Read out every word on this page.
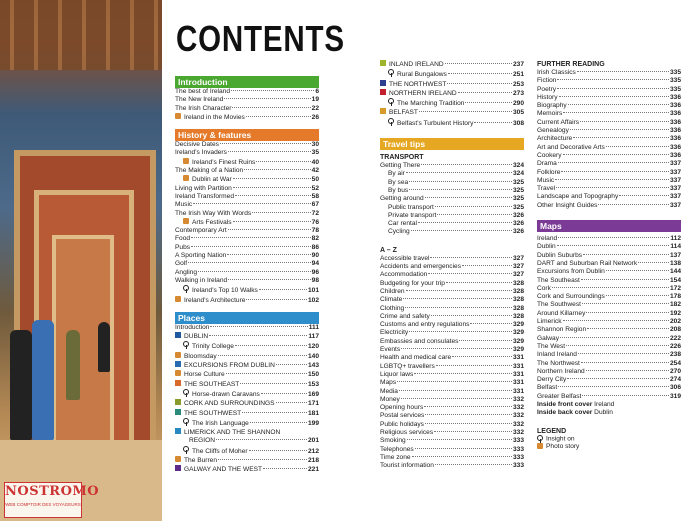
NOSTROMO
WEB COMPTOIR DES VOYAGEURS
CONTENTS
Introduction
The best of Ireland	6
The New Ireland	19
The Irish Character	22
Ireland in the Movies	26
History & features
Decisive Dates	30
Ireland’s Invaders	35
Ireland’s Finest Ruins	40
The Making of a Nation	42
Dublin at War	50
Living with Partition	52
Ireland Transformed	58
Music	67
The Irish Way With Words	72
Arts Festivals	76
Contemporary Art	78
Food	82
Pubs	86
A Sporting Nation	90
Golf	94
Angling	96
Walking in Ireland	98
Ireland’s Top 10 Walks	101
Ireland’s Architecture	102
Places
Introduction	111
DUBLIN	117
Trinity College	120
Bloomsday	140
EXCURSIONS FROM DUBLIN	143
Horse Culture	150
THE SOUTHEAST	153
Horse-drawn Caravans	169
CORK AND SURROUNDINGS	171
THE SOUTHWEST	181
The Irish Language	199
LIMERICK AND THE SHANNON
REGION	201
The Cliffs of Moher	212
The Burren	218
GALWAY AND THE WEST	221
INLAND IRELAND	237
Rural Bungalows	251
THE NORTHWEST	253
NORTHERN IRELAND	273
The Marching Tradition	290
BELFAST	305
Belfast’s Turbulent History	308
Travel tips
TRANSPORT
Getting There	324
By air	324
By sea	325
By bus	325
Getting around	325
Public transport	325
Private transport	326
Car rental	326
Cycling	326
A – Z
Accessible travel	327
Accidents and emergencies	327
Accommodation	327
Budgeting for your trip	328
Children	328
Climate	328
Clothing	328
Crime and safety	328
Customs and entry regulations	329
Electricity	329
Embassies and consulates	329
Events	329
Health and medical care	331
LGBTQ+ travellers	331
Liquor laws	331
Maps	331
Media	331
Money	332
Opening hours	332
Postal services	332
Public holidays	332
Religious services	332
Smoking	333
Telephones	333
Time zone	333
Tourist information	333
FURTHER READING
Irish Classics	335
Fiction	335
Poetry	335
History	336
Biography	336
Memoirs	336
Current Affairs	336
Genealogy	336
Architecture	336
Art and Decorative Arts	336
Cookery	336
Drama	337
Folklore	337
Music	337
Travel	337
Landscape and Topography	337
Other Insight Guides	337
Maps
Ireland	112
Dublin	114
Dublin Suburbs	137
DART and Suburban Rail Network	138
Excursions from Dublin	144
The Southeast	154
Cork	172
Cork and Surroundings	178
The Southwest	182
Around Killarney	192
Limerick	202
Shannon Region	208
Galway	222
The West	226
Inland Ireland	238
The Northwest	254
Northern Ireland	270
Derry City	274
Belfast	306
Greater Belfast	319
Inside front cover Ireland
Inside back cover Dublin
LEGEND
Insight on
Photo story
